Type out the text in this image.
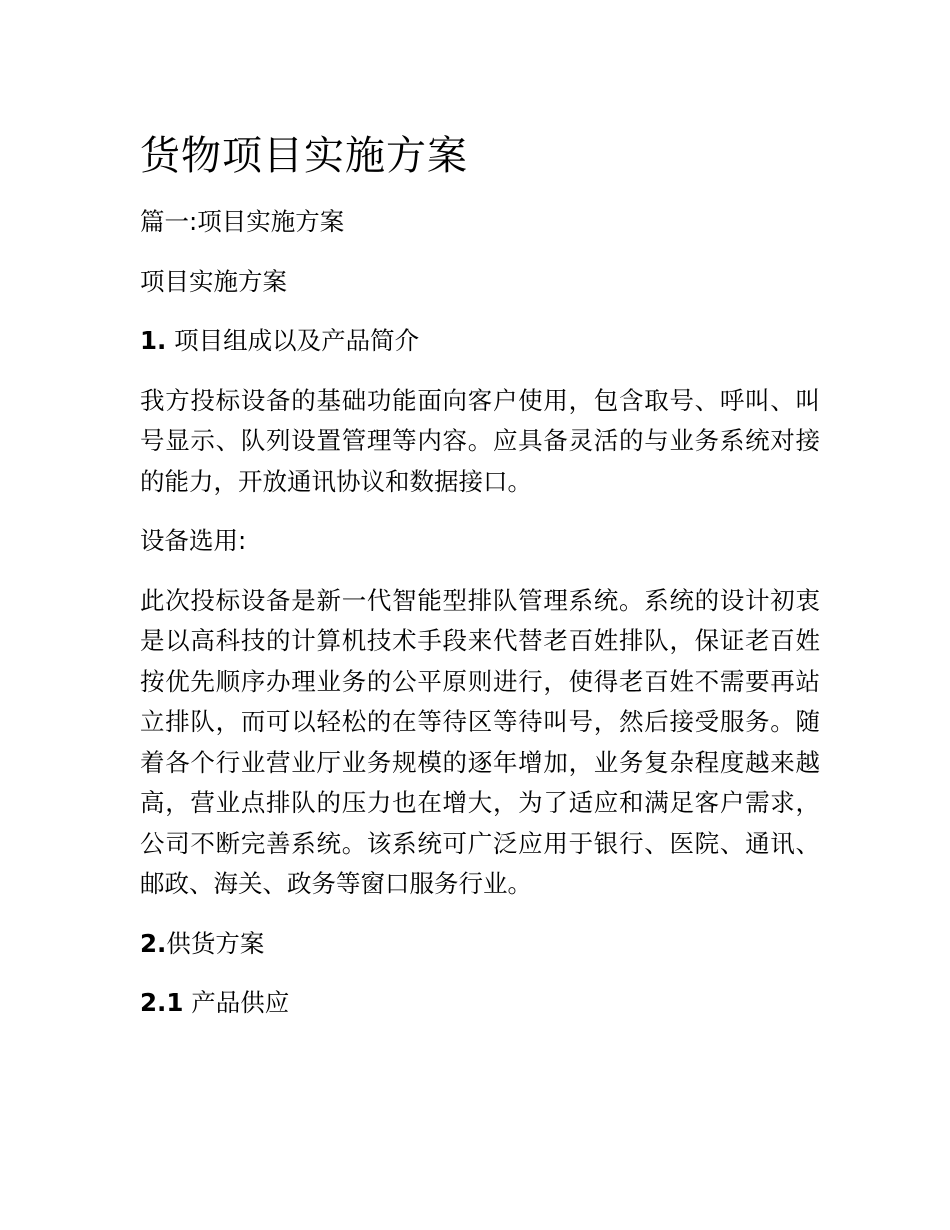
货物项目实施方案
篇一:项目实施方案
项目实施方案
1. 项目组成以及产品简介
我方投标设备的基础功能面向客户使用，包含取号、呼叫、叫号显示、队列设置管理等内容。应具备灵活的与业务系统对接的能力，开放通讯协议和数据接口。
设备选用:
此次投标设备是新一代智能型排队管理系统。系统的设计初衷是以高科技的计算机技术手段来代替老百姓排队，保证老百姓按优先顺序办理业务的公平原则进行，使得老百姓不需要再站立排队，而可以轻松的在等待区等待叫号，然后接受服务。随着各个行业营业厅业务规模的逐年增加，业务复杂程度越来越高，营业点排队的压力也在增大，为了适应和满足客户需求，公司不断完善系统。该系统可广泛应用于银行、医院、通讯、邮政、海关、政务等窗口服务行业。
2.供货方案
2.1 产品供应
